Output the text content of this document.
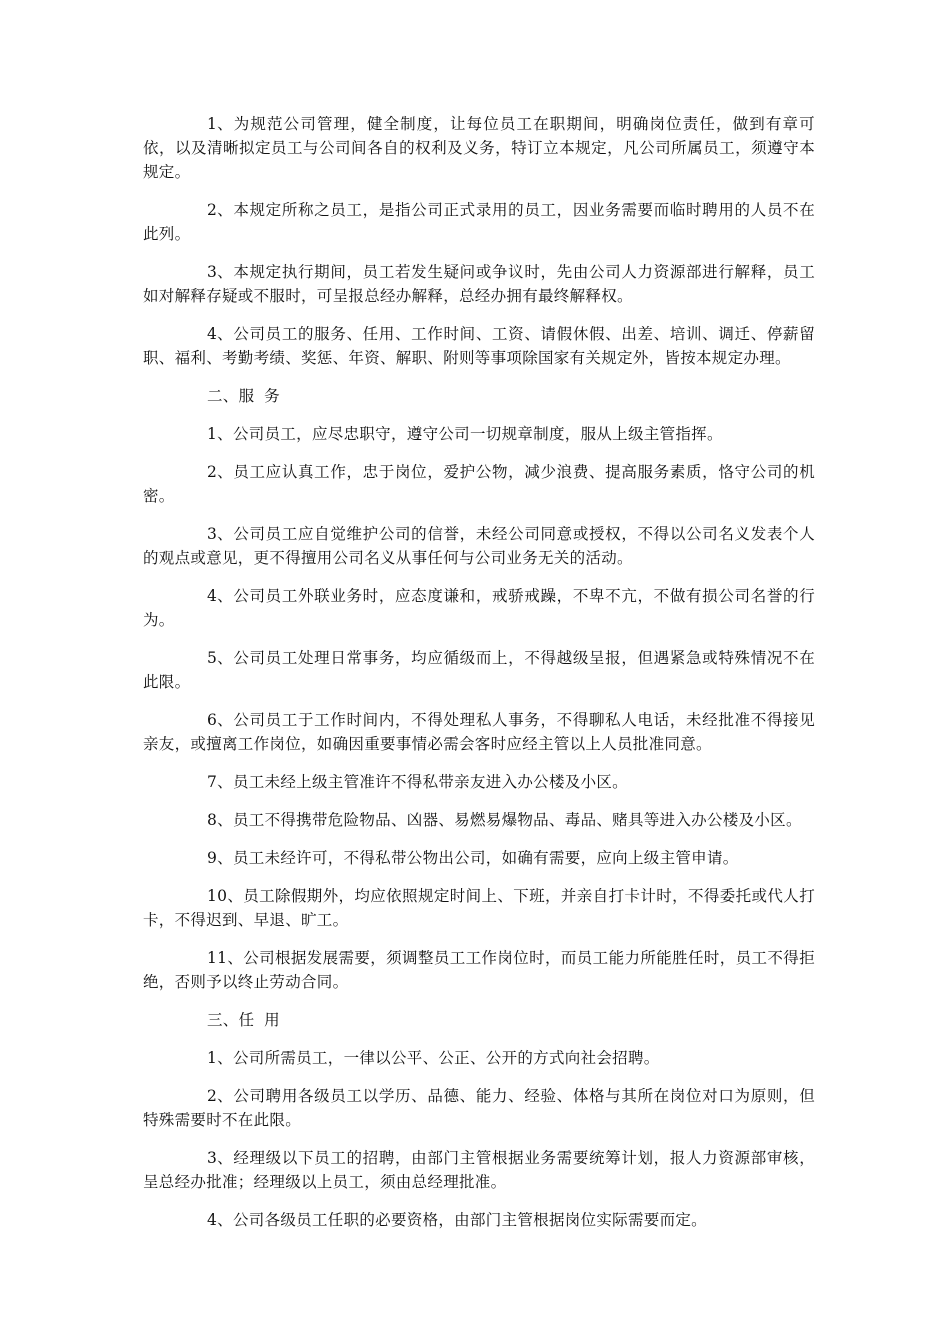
1、为规范公司管理，健全制度，让每位员工在职期间，明确岗位责任，做到有章可依，以及清晰拟定员工与公司间各自的权利及义务，特订立本规定，凡公司所属员工，须遵守本规定。

2、本规定所称之员工，是指公司正式录用的员工，因业务需要而临时聘用的人员不在此列。

3、本规定执行期间，员工若发生疑问或争议时，先由公司人力资源部进行解释，员工如对解释存疑或不服时，可呈报总经办解释，总经办拥有最终解释权。

4、公司员工的服务、任用、工作时间、工资、请假休假、出差、培训、调迁、停薪留职、福利、考勤考绩、奖惩、年资、解职、附则等事项除国家有关规定外，皆按本规定办理。

二、服务

1、公司员工，应尽忠职守，遵守公司一切规章制度，服从上级主管指挥。

2、员工应认真工作，忠于岗位，爱护公物，减少浪费、提高服务素质，恪守公司的机密。

3、公司员工应自觉维护公司的信誉，未经公司同意或授权，不得以公司名义发表个人的观点或意见，更不得擅用公司名义从事任何与公司业务无关的活动。

4、公司员工外联业务时，应态度谦和，戒骄戒躁，不卑不亢，不做有损公司名誉的行为。

5、公司员工处理日常事务，均应循级而上，不得越级呈报，但遇紧急或特殊情况不在此限。

6、公司员工于工作时间内，不得处理私人事务，不得聊私人电话，未经批准不得接见亲友，或擅离工作岗位，如确因重要事情必需会客时应经主管以上人员批准同意。

7、员工未经上级主管准许不得私带亲友进入办公楼及小区。

8、员工不得携带危险物品、凶器、易燃易爆物品、毒品、赌具等进入办公楼及小区。

9、员工未经许可，不得私带公物出公司，如确有需要，应向上级主管申请。

10、员工除假期外，均应依照规定时间上、下班，并亲自打卡计时，不得委托或代人打卡，不得迟到、早退、旷工。

11、公司根据发展需要，须调整员工工作岗位时，而员工能力所能胜任时，员工不得拒绝，否则予以终止劳动合同。

三、任用

1、公司所需员工，一律以公平、公正、公开的方式向社会招聘。

2、公司聘用各级员工以学历、品德、能力、经验、体格与其所在岗位对口为原则，但特殊需要时不在此限。

3、经理级以下员工的招聘，由部门主管根据业务需要统筹计划，报人力资源部审核，呈总经办批准；经理级以上员工，须由总经理批准。

4、公司各级员工任职的必要资格，由部门主管根据岗位实际需要而定。
